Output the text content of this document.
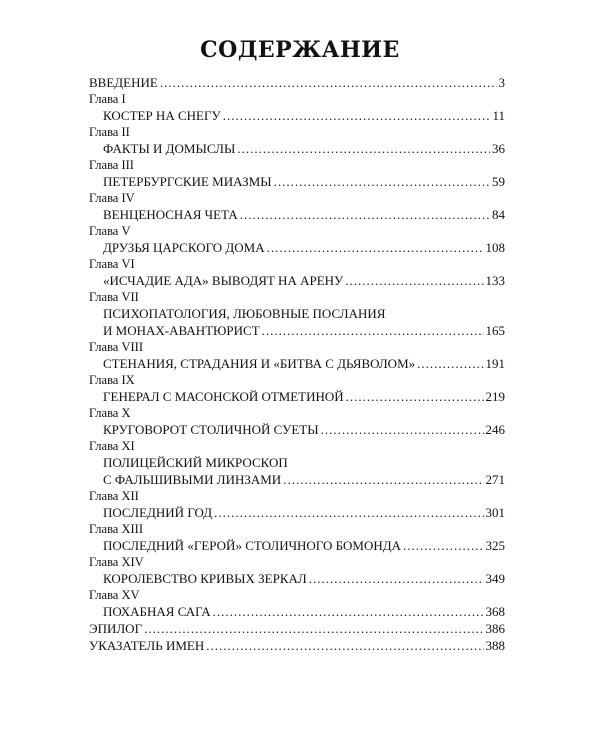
СОДЕРЖАНИЕ
ВВЕДЕНИЕ .....	3
Глава I
КОСТЕР НА СНЕГУ .....	11
Глава II
ФАКТЫ И ДОМЫСЛЫ .....	36
Глава III
ПЕТЕРБУРГСКИЕ МИАЗМЫ .....	59
Глава IV
ВЕНЦЕНОСНАЯ ЧЕТА .....	84
Глава V
ДРУЗЬЯ ЦАРСКОГО ДОМА .....	108
Глава VI
«ИСЧАДИЕ АДА» ВЫВОДЯТ НА АРЕНУ .....	133
Глава VII
ПСИХОПАТОЛОГИЯ, ЛЮБОВНЫЕ ПОСЛАНИЯ
И МОНАХ-АВАНТЮРИСТ .....	165
Глава VIII
СТЕНАНИЯ, СТРАДАНИЯ И «БИТВА С ДЬЯВОЛОМ» .....	191
Глава IX
ГЕНЕРАЛ С МАСОНСКОЙ ОТМЕТИНОЙ .....	219
Глава X
КРУГОВОРОТ СТОЛИЧНОЙ СУЕТЫ .....	246
Глава XI
ПОЛИЦЕЙСКИЙ МИКРОСКОП
С ФАЛЬШИВЫМИ ЛИНЗАМИ .....	271
Глава XII
ПОСЛЕДНИЙ ГОД .....	301
Глава XIII
ПОСЛЕДНИЙ «ГЕРОЙ» СТОЛИЧНОГО БОМОНДА .....	325
Глава XIV
КОРОЛЕВСТВО КРИВЫХ ЗЕРКАЛ .....	349
Глава XV
ПОХАБНАЯ САГА .....	368
ЭПИЛОГ .....	386
УКАЗАТЕЛЬ ИМЕН .....	388
